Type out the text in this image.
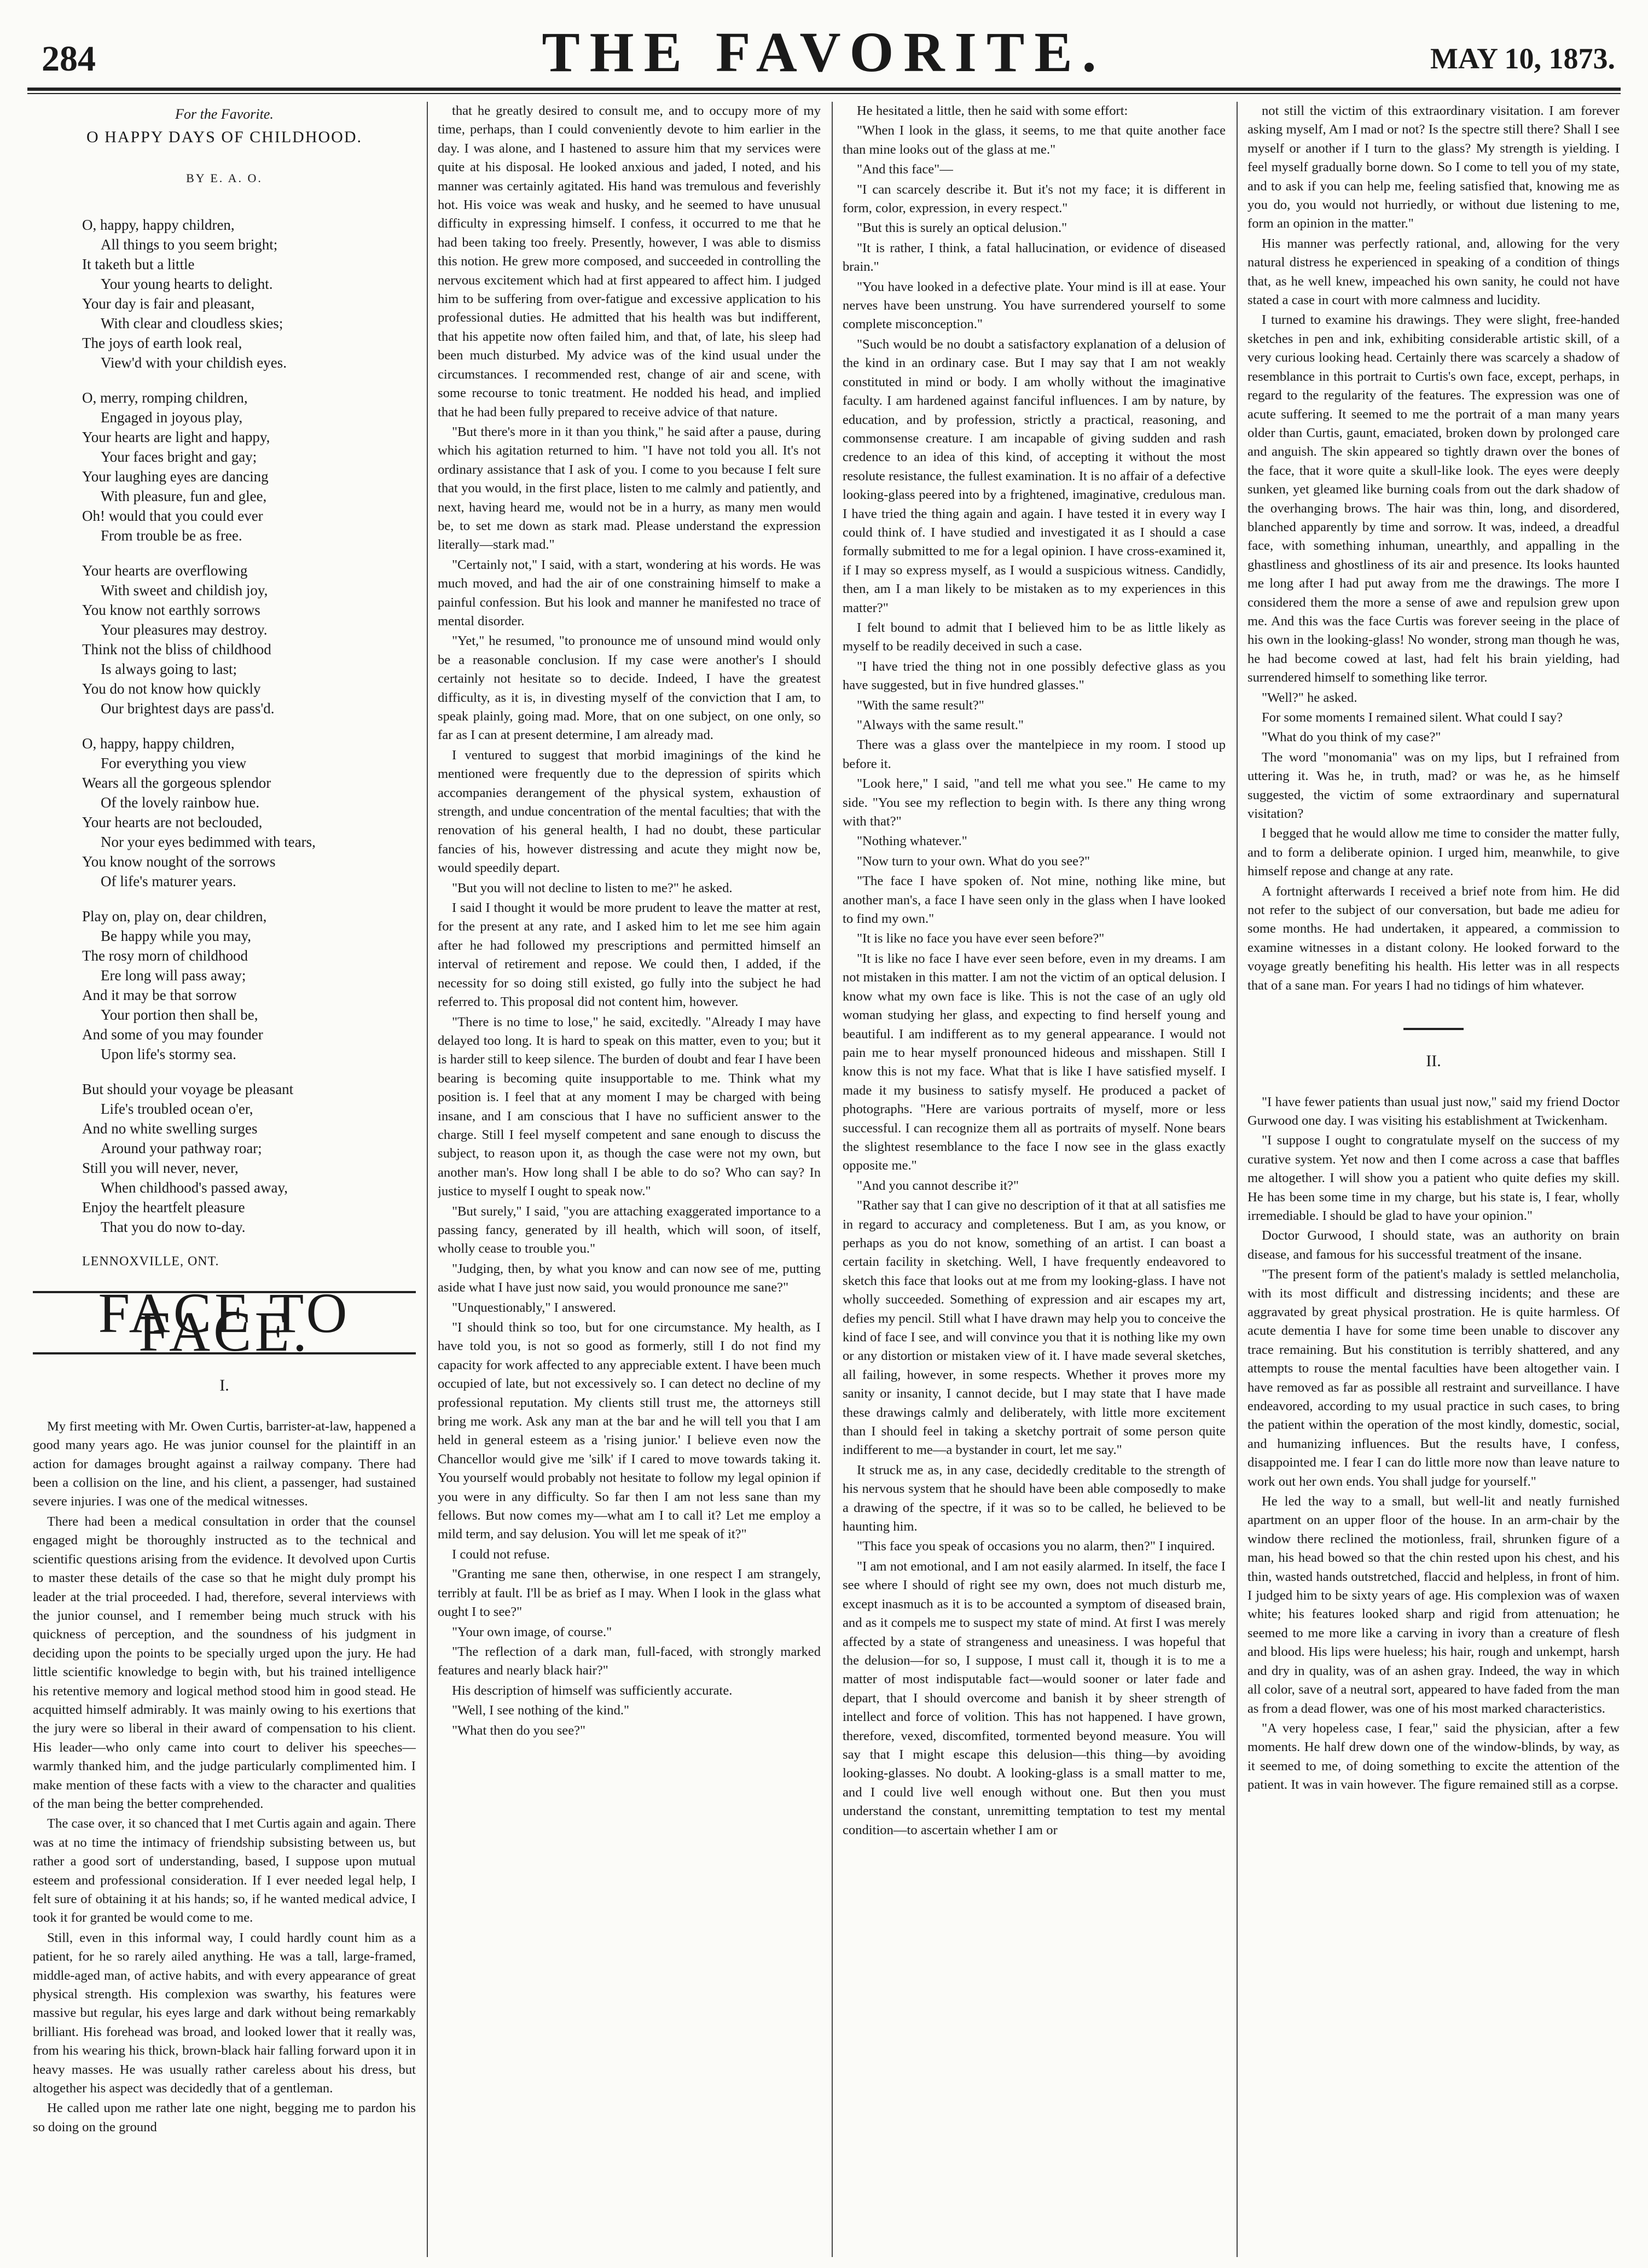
284	THE FAVORITE.	MAY 10, 1873.
For the Favorite.
O HAPPY DAYS OF CHILDHOOD.
BY E. A. O.
O, happy, happy children,
All things to you seem bright;
It taketh but a little
Your young hearts to delight.
Your day is fair and pleasant,
With clear and cloudless skies;
The joys of earth look real,
View'd with your childish eyes.
O, merry, romping children,
Engaged in joyous play,
Your hearts are light and happy,
Your faces bright and gay;
Your laughing eyes are dancing
With pleasure, fun and glee,
Oh! would that you could ever
From trouble be as free.
Your hearts are overflowing
With sweet and childish joy,
You know not earthly sorrows
Your pleasures may destroy.
Think not the bliss of childhood
Is always going to last;
You do not know how quickly
Our brightest days are pass'd.
O, happy, happy children,
For everything you view
Wears all the gorgeous splendor
Of the lovely rainbow hue.
Your hearts are not beclouded,
Nor your eyes bedimmed with tears,
You know nought of the sorrows
Of life's maturer years.
Play on, play on, dear children,
Be happy while you may,
The rosy morn of childhood
Ere long will pass away;
And it may be that sorrow
Your portion then shall be,
And some of you may founder
Upon life's stormy sea.
But should your voyage be pleasant
Life's troubled ocean o'er,
And no white swelling surges
Around your pathway roar;
Still you will never, never,
When childhood's passed away,
Enjoy the heartfelt pleasure
That you do now to-day.
LENNOXVILLE, ONT.
FACE TO FACE.
I.

My first meeting with Mr. Owen Curtis, barrister-at-law, happened a good many years ago. He was junior counsel for the plaintiff in an action for damages brought against a railway company. There had been a collision on the line, and his client, a passenger, had sustained severe injuries. I was one of the medical witnesses.

There had been a medical consultation in order that the counsel engaged might be thoroughly instructed as to the technical and scientific questions arising from the evidence. It devolved upon Curtis to master these details of the case so that he might duly prompt his leader at the trial proceeded. I had, therefore, several interviews with the junior counsel, and I remember being much struck with his quickness of perception, and the soundness of his judgment in deciding upon the points to be specially urged upon the jury. He had little scientific knowledge to begin with, but his trained intelligence his retentive memory and logical method stood him in good stead. He acquitted himself admirably. It was mainly owing to his exertions that the jury were so liberal in their award of compensation to his client. His leader—who only came into court to deliver his speeches—warmly thanked him, and the judge particularly complimented him. I make mention of these facts with a view to the character and qualities of the man being the better comprehended.

The case over, it so chanced that I met Curtis again and again. There was at no time the intimacy of friendship subsisting between us, but rather a good sort of understanding, based, I suppose upon mutual esteem and professional consideration. If I ever needed legal help, I felt sure of obtaining it at his hands; so, if he wanted medical advice, I took it for granted be would come to me.

Still, even in this informal way, I could hardly count him as a patient, for he so rarely ailed anything. He was a tall, large-framed, middle-aged man, of active habits, and with every appearance of great physical strength. His complexion was swarthy, his features were massive but regular, his eyes large and dark without being remarkably brilliant. His forehead was broad, and looked lower that it really was, from his wearing his thick, brown-black hair falling forward upon it in heavy masses. He was usually rather careless about his dress, but altogether his aspect was decidedly that of a gentleman.

He called upon me rather late one night, begging me to pardon his so doing on the ground

that he greatly desired to consult me, and to occupy more of my time, perhaps, than I could conveniently devote to him earlier in the day. I was alone, and I hastened to assure him that my services were quite at his disposal. He looked anxious and jaded, I noted, and his manner was certainly agitated. His hand was tremulous and feverishly hot. His voice was weak and husky, and he seemed to have unusual difficulty in expressing himself. I confess, it occurred to me that he had been taking too freely. Presently, however, I was able to dismiss this notion. He grew more composed, and succeeded in controlling the nervous excitement which had at first appeared to affect him. I judged him to be suffering from over-fatigue and excessive application to his professional duties. He admitted that his health was but indifferent, that his appetite now often failed him, and that, of late, his sleep had been much disturbed. My advice was of the kind usual under the circumstances. I recommended rest, change of air and scene, with some recourse to tonic treatment. He nodded his head, and implied that he had been fully prepared to receive advice of that nature.

"But there's more in it than you think," he said after a pause, during which his agitation returned to him. "I have not told you all. It's not ordinary assistance that I ask of you. I come to you because I felt sure that you would, in the first place, listen to me calmly and patiently, and next, having heard me, would not be in a hurry, as many men would be, to set me down as stark mad. Please understand the expression literally—stark mad."

"Certainly not," I said, with a start, wondering at his words. He was much moved, and had the air of one constraining himself to make a painful confession. But his look and manner he manifested no trace of mental disorder.

"Yet," he resumed, "to pronounce me of unsound mind would only be a reasonable conclusion. If my case were another's I should certainly not hesitate so to decide. Indeed, I have the greatest difficulty, as it is, in divesting myself of the conviction that I am, to speak plainly, going mad. More, that on one subject, on one only, so far as I can at present determine, I am already mad.

I ventured to suggest that morbid imaginings of the kind he mentioned were frequently due to the depression of spirits which accompanies derangement of the physical system, exhaustion of strength, and undue concentration of the mental faculties; that with the renovation of his general health, I had no doubt, these particular fancies of his, however distressing and acute they might now be, would speedily depart.

"But you will not decline to listen to me?" he asked.

I said I thought it would be more prudent to leave the matter at rest, for the present at any rate, and I asked him to let me see him again after he had followed my prescriptions and permitted himself an interval of retirement and repose. We could then, I added, if the necessity for so doing still existed, go fully into the subject he had referred to. This proposal did not content him, however.

"There is no time to lose," he said, excitedly. "Already I may have delayed too long. It is hard to speak on this matter, even to you; but it is harder still to keep silence. The burden of doubt and fear I have been bearing is becoming quite insupportable to me. Think what my position is. I feel that at any moment I may be charged with being insane, and I am conscious that I have no sufficient answer to the charge. Still I feel myself competent and sane enough to discuss the subject, to reason upon it, as though the case were not my own, but another man's. How long shall I be able to do so? Who can say? In justice to myself I ought to speak now."

"But surely," I said, "you are attaching exaggerated importance to a passing fancy, generated by ill health, which will soon, of itself, wholly cease to trouble you."

"Judging, then, by what you know and can now see of me, putting aside what I have just now said, you would pronounce me sane?"

"Unquestionably," I answered.

"I should think so too, but for one circumstance. My health, as I have told you, is not so good as formerly, still I do not find my capacity for work affected to any appreciable extent. I have been much occupied of late, but not excessively so. I can detect no decline of my professional reputation. My clients still trust me, the attorneys still bring me work. Ask any man at the bar and he will tell you that I am held in general esteem as a 'rising junior.' I believe even now the Chancellor would give me 'silk' if I cared to move towards taking it. You yourself would probably not hesitate to follow my legal opinion if you were in any difficulty. So far then I am not less sane than my fellows. But now comes my—what am I to call it? Let me employ a mild term, and say delusion. You will let me speak of it?"

I could not refuse.

"Granting me sane then, otherwise, in one respect I am strangely, terribly at fault. I'll be as brief as I may. When I look in the glass what ought I to see?"

"Your own image, of course."

"The reflection of a dark man, full-faced, with strongly marked features and nearly black hair?"

His description of himself was sufficiently accurate.

"Well, I see nothing of the kind."

"What then do you see?"

He hesitated a little, then he said with some effort:

"When I look in the glass, it seems, to me that quite another face than mine looks out of the glass at me."

"And this face"—

"I can scarcely describe it. But it's not my face; it is different in form, color, expression, in every respect."

"But this is surely an optical delusion."

"It is rather, I think, a fatal hallucination, or evidence of diseased brain."

"You have looked in a defective plate. Your mind is ill at ease. Your nerves have been unstrung. You have surrendered yourself to some complete misconception."

"Such would be no doubt a satisfactory explanation of a delusion of the kind in an ordinary case. But I may say that I am not weakly constituted in mind or body. I am wholly without the imaginative faculty. I am hardened against fanciful influences. I am by nature, by education, and by profession, strictly a practical, reasoning, and commonsense creature. I am incapable of giving sudden and rash credence to an idea of this kind, of accepting it without the most resolute resistance, the fullest examination. It is no affair of a defective looking-glass peered into by a frightened, imaginative, credulous man. I have tried the thing again and again. I have tested it in every way I could think of. I have studied and investigated it as I should a case formally submitted to me for a legal opinion. I have cross-examined it, if I may so express myself, as I would a suspicious witness. Candidly, then, am I a man likely to be mistaken as to my experiences in this matter?"

I felt bound to admit that I believed him to be as little likely as myself to be readily deceived in such a case.

"I have tried the thing not in one possibly defective glass as you have suggested, but in five hundred glasses."

"With the same result?"

"Always with the same result."

There was a glass over the mantelpiece in my room. I stood up before it.

"Look here," I said, "and tell me what you see." He came to my side. "You see my reflection to begin with. Is there any thing wrong with that?"

"Nothing whatever."

"Now turn to your own. What do you see?"

"The face I have spoken of. Not mine, nothing like mine, but another man's, a face I have seen only in the glass when I have looked to find my own."

"It is like no face you have ever seen before?"

"It is like no face I have ever seen before, even in my dreams. I am not mistaken in this matter. I am not the victim of an optical delusion. I know what my own face is like. This is not the case of an ugly old woman studying her glass, and expecting to find herself young and beautiful. I am indifferent as to my general appearance. I would not pain me to hear myself pronounced hideous and misshapen. Still I know this is not my face. What that is like I have satisfied myself. I made it my business to satisfy myself. He produced a packet of photographs. "Here are various portraits of myself, more or less successful. I can recognize them all as portraits of myself. None bears the slightest resemblance to the face I now see in the glass exactly opposite me."

"And you cannot describe it?"

"Rather say that I can give no description of it that at all satisfies me in regard to accuracy and completeness. But I am, as you know, or perhaps as you do not know, something of an artist. I can boast a certain facility in sketching. Well, I have frequently endeavored to sketch this face that looks out at me from my looking-glass. I have not wholly succeeded. Something of expression and air escapes my art, defies my pencil. Still what I have drawn may help you to conceive the kind of face I see, and will convince you that it is nothing like my own or any distortion or mistaken view of it. I have made several sketches, all failing, however, in some respects. Whether it proves more my sanity or insanity, I cannot decide, but I may state that I have made these drawings calmly and deliberately, with little more excitement than I should feel in taking a sketchy portrait of some person quite indifferent to me—a bystander in court, let me say."

It struck me as, in any case, decidedly creditable to the strength of his nervous system that he should have been able composedly to make a drawing of the spectre, if it was so to be called, he believed to be haunting him.

"This face you speak of occasions you no alarm, then?" I inquired.

"I am not emotional, and I am not easily alarmed. In itself, the face I see where I should of right see my own, does not much disturb me, except inasmuch as it is to be accounted a symptom of diseased brain, and as it compels me to suspect my state of mind. At first I was merely affected by a state of strangeness and uneasiness. I was hopeful that the delusion—for so, I suppose, I must call it, though it is to me a matter of most indisputable fact—would sooner or later fade and depart, that I should overcome and banish it by sheer strength of intellect and force of volition. This has not happened. I have grown, therefore, vexed, discomfited, tormented beyond measure. You will say that I might escape this delusion—this thing—by avoiding looking-glasses. No doubt. A looking-glass is a small matter to me, and I could live well enough without one. But then you must understand the constant, unremitting temptation to test my mental condition—to ascertain whether I am or

not still the victim of this extraordinary visitation. I am forever asking myself, Am I mad or not? Is the spectre still there? Shall I see myself or another if I turn to the glass? My strength is yielding. I feel myself gradually borne down. So I come to tell you of my state, and to ask if you can help me, feeling satisfied that, knowing me as you do, you would not hurriedly, or without due listening to me, form an opinion in the matter."

His manner was perfectly rational, and, allowing for the very natural distress he experienced in speaking of a condition of things that, as he well knew, impeached his own sanity, he could not have stated a case in court with more calmness and lucidity.

I turned to examine his drawings. They were slight, free-handed sketches in pen and ink, exhibiting considerable artistic skill, of a very curious looking head. Certainly there was scarcely a shadow of resemblance in this portrait to Curtis's own face, except, perhaps, in regard to the regularity of the features. The expression was one of acute suffering. It seemed to me the portrait of a man many years older than Curtis, gaunt, emaciated, broken down by prolonged care and anguish. The skin appeared so tightly drawn over the bones of the face, that it wore quite a skull-like look. The eyes were deeply sunken, yet gleamed like burning coals from out the dark shadow of the overhanging brows. The hair was thin, long, and disordered, blanched apparently by time and sorrow. It was, indeed, a dreadful face, with something inhuman, unearthly, and appalling in the ghastliness and ghostliness of its air and presence. Its looks haunted me long after I had put away from me the drawings. The more I considered them the more a sense of awe and repulsion grew upon me. And this was the face Curtis was forever seeing in the place of his own in the looking-glass! No wonder, strong man though he was, he had become cowed at last, had felt his brain yielding, had surrendered himself to something like terror.

"Well?" he asked.

For some moments I remained silent. What could I say?

"What do you think of my case?"

The word "monomania" was on my lips, but I refrained from uttering it. Was he, in truth, mad? or was he, as he himself suggested, the victim of some extraordinary and supernatural visitation?

I begged that he would allow me time to consider the matter fully, and to form a deliberate opinion. I urged him, meanwhile, to give himself repose and change at any rate.

A fortnight afterwards I received a brief note from him. He did not refer to the subject of our conversation, but bade me adieu for some months. He had undertaken, it appeared, a commission to examine witnesses in a distant colony. He looked forward to the voyage greatly benefiting his health. His letter was in all respects that of a sane man. For years I had no tidings of him whatever.

II.

"I have fewer patients than usual just now," said my friend Doctor Gurwood one day. I was visiting his establishment at Twickenham.

"I suppose I ought to congratulate myself on the success of my curative system. Yet now and then I come across a case that baffles me altogether. I will show you a patient who quite defies my skill. He has been some time in my charge, but his state is, I fear, wholly irremediable. I should be glad to have your opinion."

Doctor Gurwood, I should state, was an authority on brain disease, and famous for his successful treatment of the insane.

"The present form of the patient's malady is settled melancholia, with its most difficult and distressing incidents; and these are aggravated by great physical prostration. He is quite harmless. Of acute dementia I have for some time been unable to discover any trace remaining. But his constitution is terribly shattered, and any attempts to rouse the mental faculties have been altogether vain. I have removed as far as possible all restraint and surveillance. I have endeavored, according to my usual practice in such cases, to bring the patient within the operation of the most kindly, domestic, social, and humanizing influences. But the results have, I confess, disappointed me. I fear I can do little more now than leave nature to work out her own ends. You shall judge for yourself."

He led the way to a small, but well-lit and neatly furnished apartment on an upper floor of the house. In an arm-chair by the window there reclined the motionless, frail, shrunken figure of a man, his head bowed so that the chin rested upon his chest, and his thin, wasted hands outstretched, flaccid and helpless, in front of him. I judged him to be sixty years of age. His complexion was of waxen white; his features looked sharp and rigid from attenuation; he seemed to me more like a carving in ivory than a creature of flesh and blood. His lips were hueless; his hair, rough and unkempt, harsh and dry in quality, was of an ashen gray. Indeed, the way in which all color, save of a neutral sort, appeared to have faded from the man as from a dead flower, was one of his most marked characteristics.

"A very hopeless case, I fear," said the physician, after a few moments. He half drew down one of the window-blinds, by way, as it seemed to me, of doing something to excite the attention of the patient. It was in vain however. The figure remained still as a corpse.
